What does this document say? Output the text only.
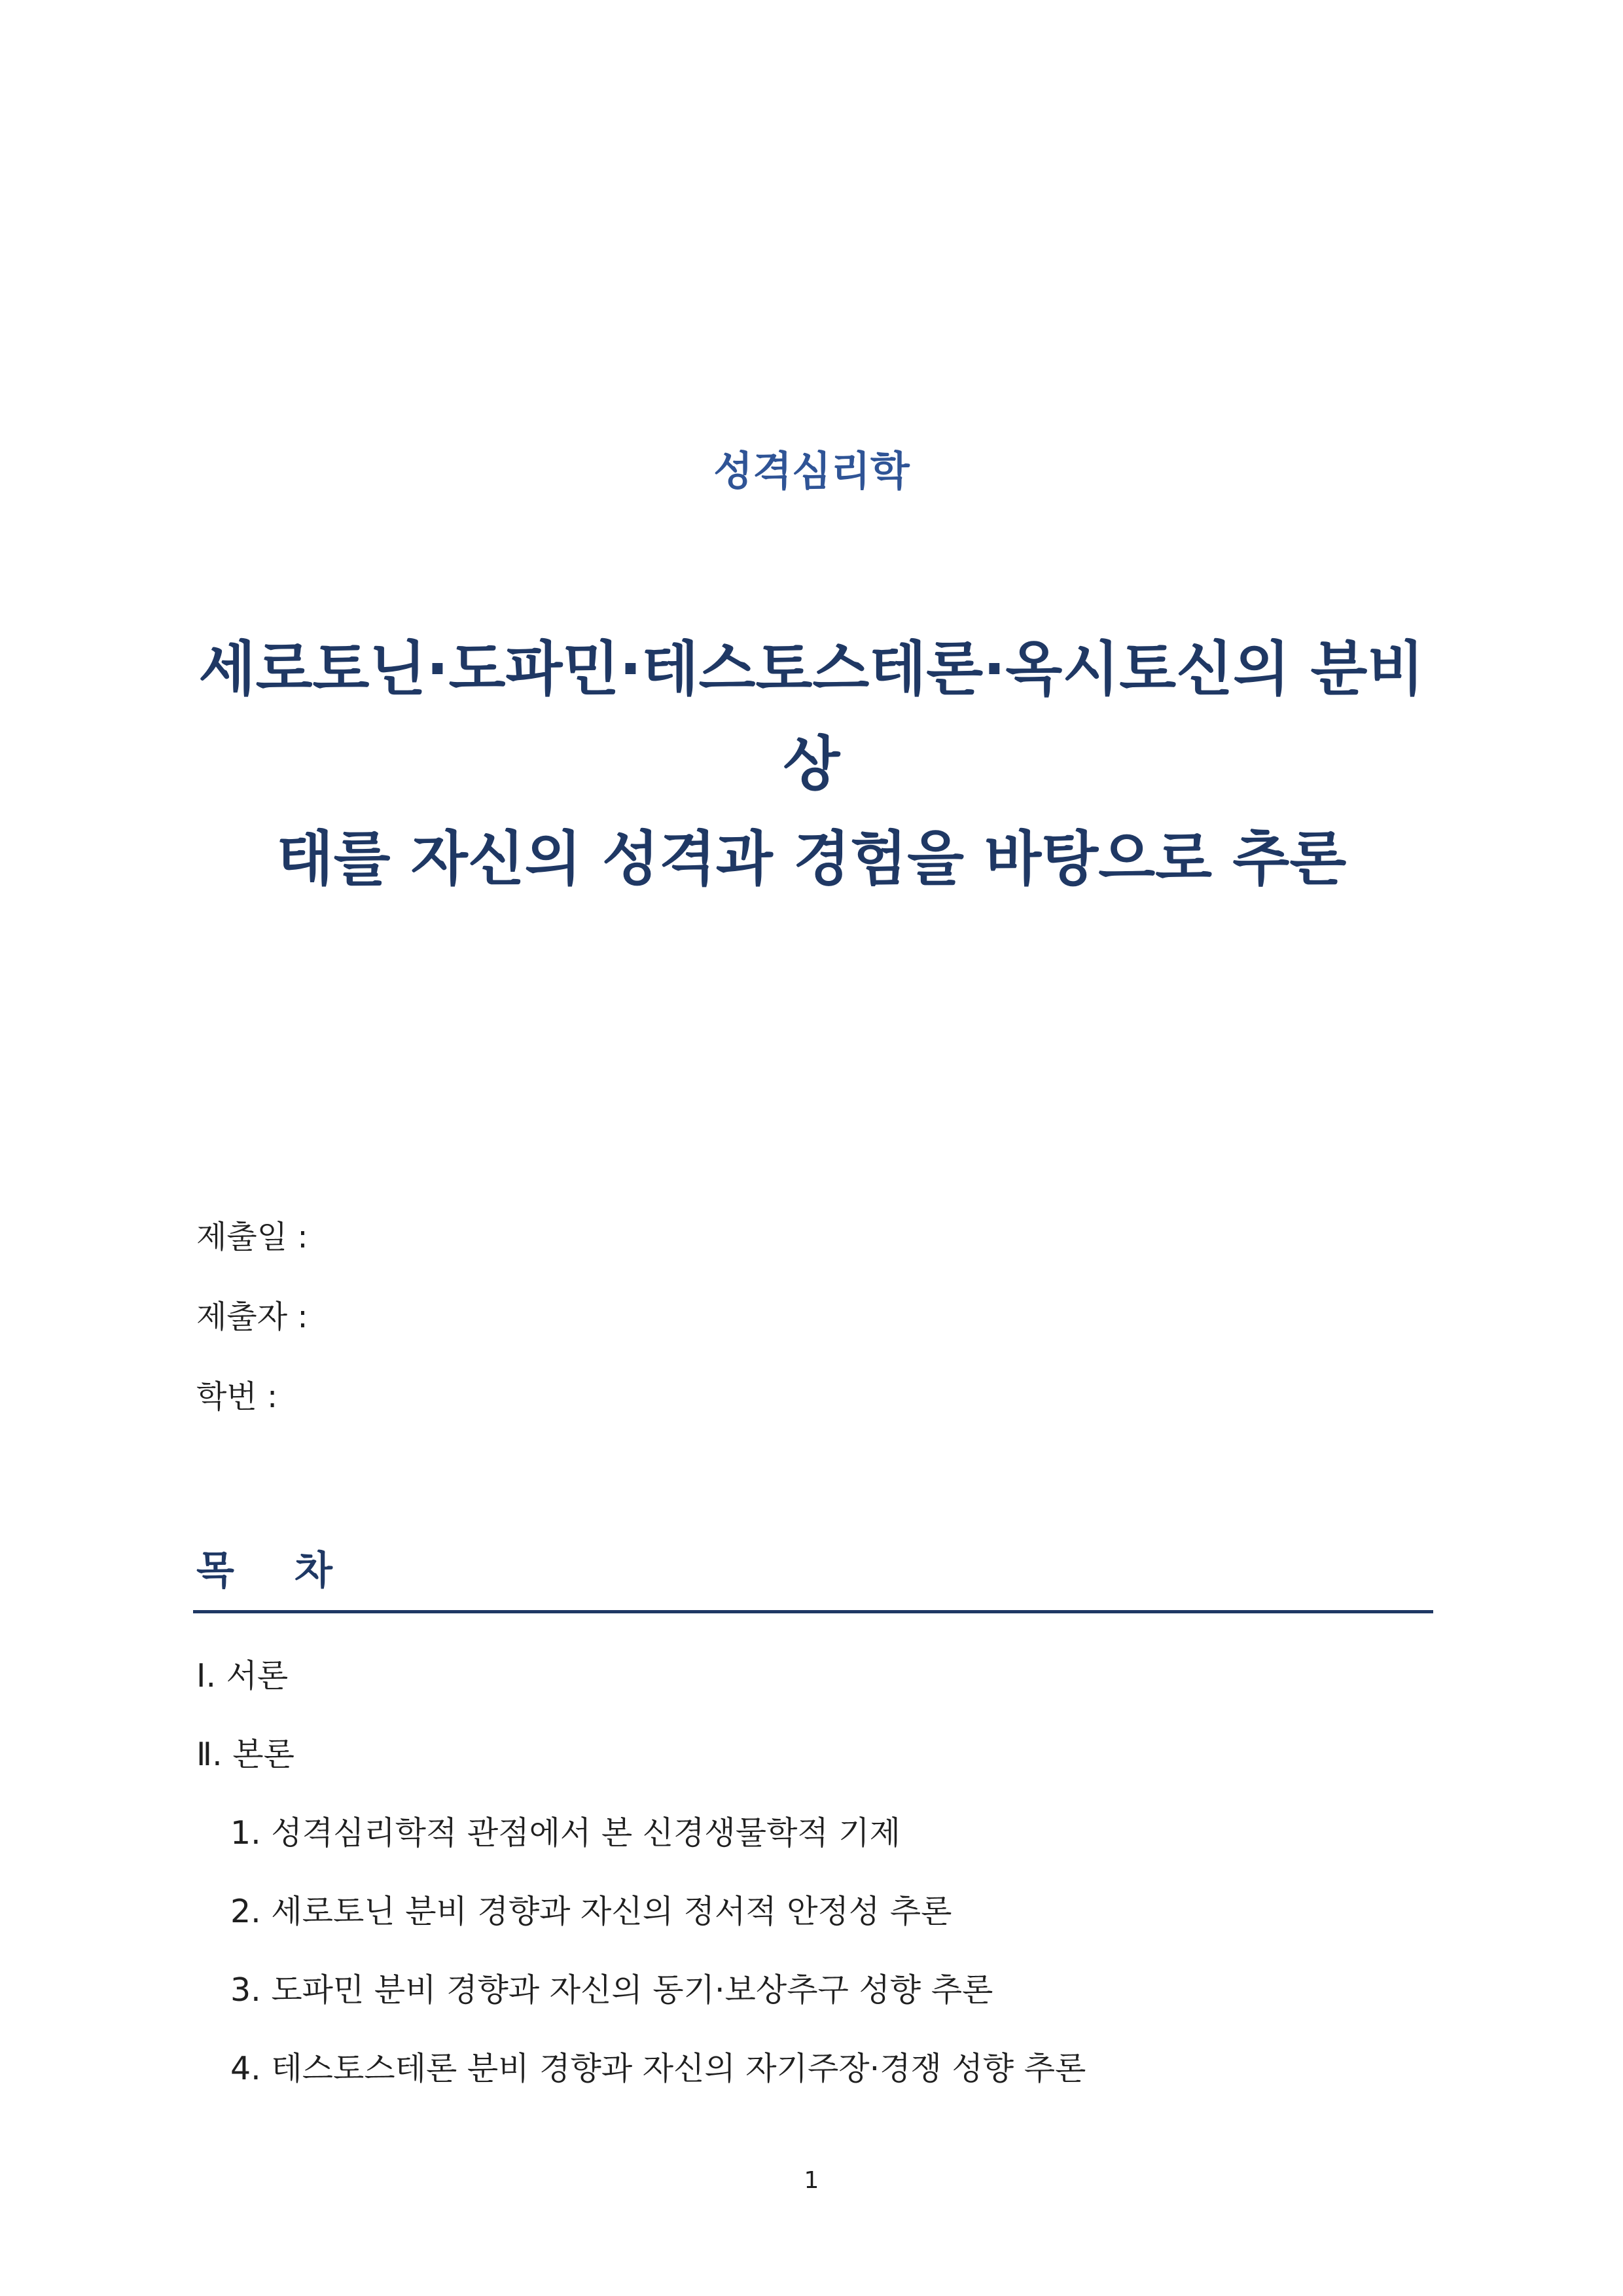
성격심리학
세로토닌·도파민·테스토스테론·옥시토신의 분비 상
태를 자신의 성격과 경험을 바탕으로 추론
제출일 :
제출자 :
학번 :
목 차
Ⅰ. 서론
Ⅱ. 본론
1. 성격심리학적 관점에서 본 신경생물학적 기제
2. 세로토닌 분비 경향과 자신의 정서적 안정성 추론
3. 도파민 분비 경향과 자신의 동기·보상추구 성향 추론
4. 테스토스테론 분비 경향과 자신의 자기주장·경쟁 성향 추론
1
